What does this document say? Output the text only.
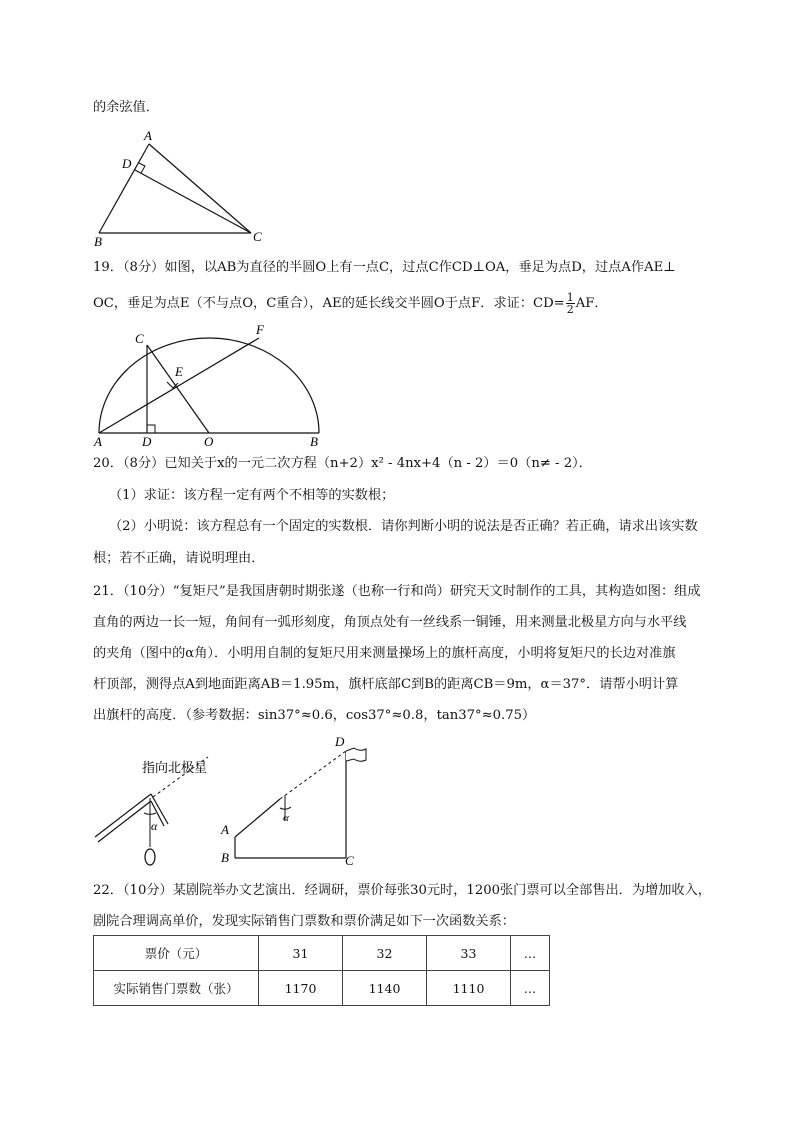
的余弦值．
A
D
B	C
19．（8分）如图，以AB为直径的半圆O上有一点C，过点C作CD⊥OA，垂足为点D，过点A作AE⊥
OC，垂足为点E（不与点O，C重合），AE的延长线交半圆O于点F．求证：$CD= \frac{1}{2}$ AF．
C
F
E
A	D	O	B
20．（8分）已知关于x的一元二次方程（n+2）x² - 4nx+4（n - 2）＝0（n≠ - 2）．
（1）求证：该方程一定有两个不相等的实数根；
（2）小明说：该方程总有一个固定的实数根．请你判断小明的说法是否正确？若正确，请求出该实数
根；若不正确，请说明理由．
21．（10分）“复矩尺”是我国唐朝时期张遂（也称一行和尚）研究天文时制作的工具，其构造如图：组成
直角的两边一长一短，角间有一弧形刻度，角顶点处有一丝线系一铜锤，用来测量北极星方向与水平线
的夹角（图中的α角）．小明用自制的复矩尺用来测量操场上的旗杆高度，小明将复矩尺的长边对准旗
杆顶部，测得点A到地面距离AB＝1.95m，旗杆底部C到B的距离CB＝9m，α＝37°．请帮小明计算
出旗杆的高度．（参考数据：sin37°≈0.6，cos37°≈0.8，tan37°≈0.75）
指向北极星
α
α
D
A
B	C
22．（10分）某剧院举办文艺演出．经调研，票价每张30元时，1200张门票可以全部售出．为增加收入，
剧院合理调高单价，发现实际销售门票数和票价满足如下一次函数关系：
票价（元）	31	32	33	…
实际销售门票数（张）	1170	1140	1110	…
